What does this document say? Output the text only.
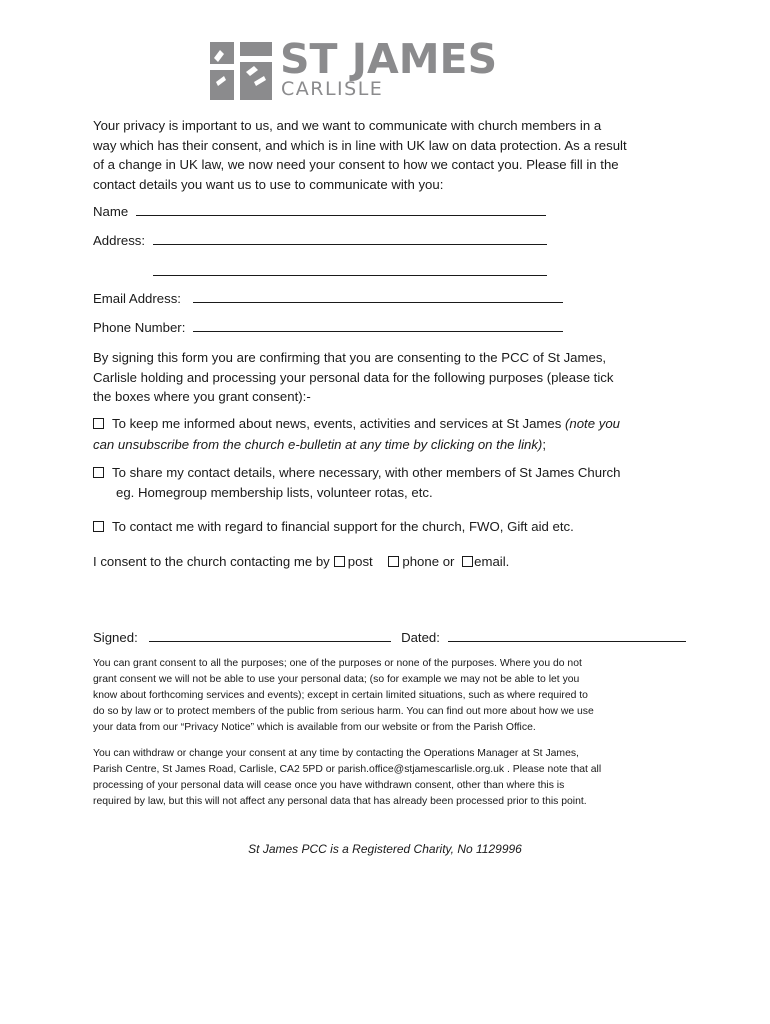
ST JAMES
CARLISLE
Your privacy is important to us, and we want to communicate with church members in a
way which has their consent, and which is in line with UK law on data protection. As a result
of a change in UK law, we now need your consent to how we contact you. Please fill in the
contact details you want us to use to communicate with you:
Name
Address:
Email Address:
Phone Number:
By signing this form you are confirming that you are consenting to the PCC of St James,
Carlisle holding and processing your personal data for the following purposes (please tick
the boxes where you grant consent):-
To keep me informed about news, events, activities and services at St James (note you
can unsubscribe from the church e-bulletin at any time by clicking on the link);
To share my contact details, where necessary, with other members of St James Church
eg. Homegroup membership lists, volunteer rotas, etc.
To contact me with regard to financial support for the church, FWO, Gift aid etc.
I consent to the church contacting me by post phone or email.
Signed:	Dated:
You can grant consent to all the purposes; one of the purposes or none of the purposes. Where you do not
grant consent we will not be able to use your personal data; (so for example we may not be able to let you
know about forthcoming services and events); except in certain limited situations, such as where required to
do so by law or to protect members of the public from serious harm. You can find out more about how we use
your data from our “Privacy Notice” which is available from our website or from the Parish Office.
You can withdraw or change your consent at any time by contacting the Operations Manager at St James,
Parish Centre, St James Road, Carlisle, CA2 5PD or parish.office@stjamescarlisle.org.uk . Please note that all
processing of your personal data will cease once you have withdrawn consent, other than where this is
required by law, but this will not affect any personal data that has already been processed prior to this point.
St James PCC is a Registered Charity, No 1129996
